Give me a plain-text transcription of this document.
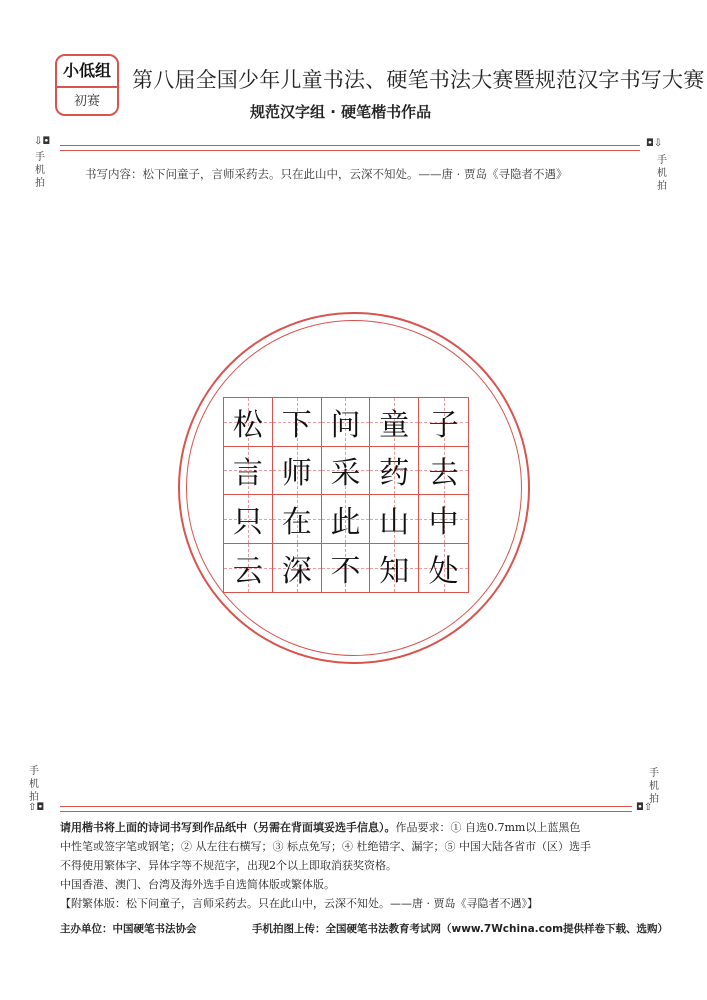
小低组
初赛
第八届全国少年儿童书法、硬笔书法大赛暨规范汉字书写大赛
规范汉字组 · 硬笔楷书作品
⇩◘
手
机
拍
◘⇩
手
机
拍
书写内容：松下问童子，言师采药去。只在此山中，云深不知处。——唐 · 贾岛《寻隐者不遇》
松 下 问 童 子
言 师 采 药 去
只 在 此 山 中
云 深 不 知 处
手
机
拍
⇧◘
手
机
拍
◘⇧

请用楷书将上面的诗词书写到作品纸中（另需在背面填妥选手信息）。作品要求：① 自选0.7mm以上蓝黑色

中性笔或签字笔或钢笔；② 从左往右横写；③ 标点免写；④ 杜绝错字、漏字；⑤ 中国大陆各省市（区）选手

不得使用繁体字、异体字等不规范字，出现2个以上即取消获奖资格。

中国香港、澳门、台湾及海外选手自选简体版或繁体版。

【附繁体版：松下问童子，言师采药去。只在此山中，云深不知处。——唐 · 贾岛《寻隐者不遇》】

主办单位：中国硬笔书法协会	手机拍图上传：全国硬笔书法教育考试网（www.7Wchina.com提供样卷下载、选购）
